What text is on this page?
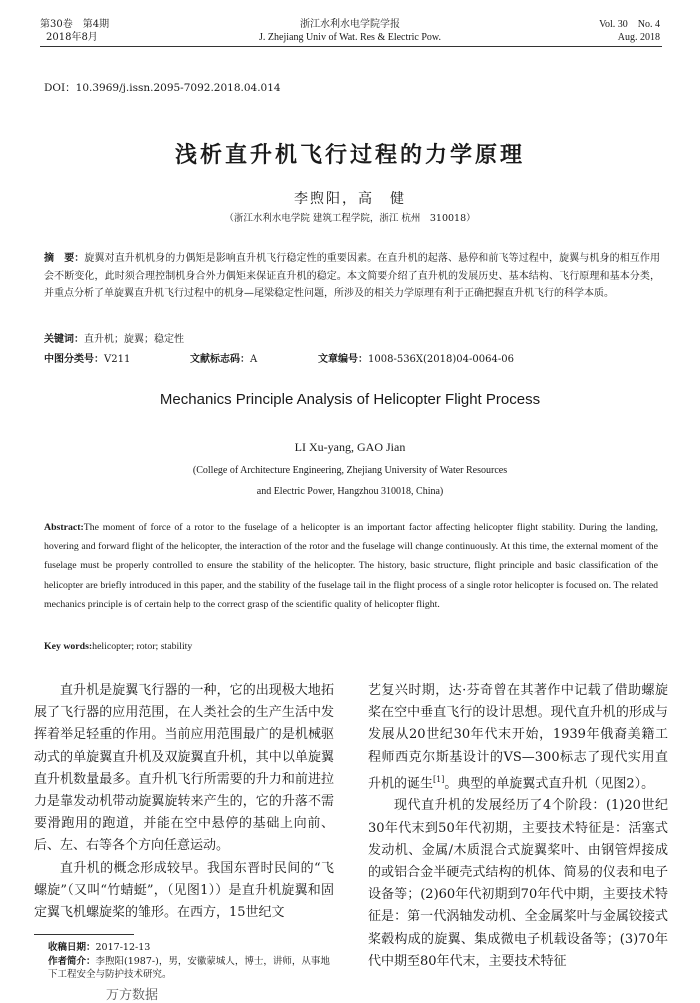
第30卷　第4期
2018年8月
浙江水利水电学院学报
J. Zhejiang Univ of Wat. Res & Electric Pow.
Vol. 30　No. 4
Aug. 2018
DOI：10.3969/j.issn.2095-7092.2018.04.014
浅析直升机飞行过程的力学原理
李煦阳，高　健
（浙江水利水电学院 建筑工程学院，浙江 杭州　310018）
摘　要：旋翼对直升机机身的力偶矩是影响直升机飞行稳定性的重要因素。在直升机的起落、悬停和前飞等过程中，旋翼与机身的相互作用会不断变化，此时须合理控制机身合外力偶矩来保证直升机的稳定。本文简要介绍了直升机的发展历史、基本结构、飞行原理和基本分类，并重点分析了单旋翼直升机飞行过程中的机身—尾梁稳定性问题，所涉及的相关力学原理有利于正确把握直升机飞行的科学本质。
关键词：直升机；旋翼；稳定性
中图分类号：V211	文献标志码：A	文章编号：1008-536X(2018)04-0064-06
Mechanics Principle Analysis of Helicopter Flight Process
LI Xu-yang, GAO Jian
(College of Architecture Engineering, Zhejiang University of Water Resources
and Electric Power, Hangzhou 310018, China)
Abstract:The moment of force of a rotor to the fuselage of a helicopter is an important factor affecting helicopter flight stability. During the landing, hovering and forward flight of the helicopter, the interaction of the rotor and the fuselage will change continuously. At this time, the external moment of the fuselage must be properly controlled to ensure the stability of the helicopter. The history, basic structure, flight principle and basic classification of the helicopter are briefly introduced in this paper, and the stability of the fuselage tail in the flight process of a single rotor helicopter is focused on. The related mechanics principle is of certain help to the correct grasp of the scientific quality of helicopter flight.
Key words:helicopter; rotor; stability

直升机是旋翼飞行器的一种，它的出现极大地拓展了飞行器的应用范围，在人类社会的生产生活中发挥着举足轻重的作用。当前应用范围最广的是机械驱动式的单旋翼直升机及双旋翼直升机，其中以单旋翼直升机数量最多。直升机飞行所需要的升力和前进拉力是靠发动机带动旋翼旋转来产生的，它的升落不需要滑跑用的跑道，并能在空中悬停的基础上向前、后、左、右等各个方向任意运动。

直升机的概念形成较早。我国东晋时民间的“飞螺旋”（又叫“竹蜻蜓”，（见图1））是直升机旋翼和固定翼飞机螺旋桨的雏形。在西方，15世纪文

艺复兴时期，达·芬奇曾在其著作中记载了借助螺旋桨在空中垂直飞行的设计思想。现代直升机的形成与发展从20世纪30年代末开始，1939年俄裔美籍工程师西克尔斯基设计的VS—300标志了现代实用直升机的诞生[1]。典型的单旋翼式直升机（见图2）。

现代直升机的发展经历了4个阶段：(1)20世纪30年代末到50年代初期，主要技术特征是：活塞式发动机、金属/木质混合式旋翼桨叶、由钢管焊接成的或铝合金半硬壳式结构的机体、简易的仪表和电子设备等；(2)60年代初期到70年代中期，主要技术特征是：第一代涡轴发动机、全金属桨叶与金属铰接式桨毂构成的旋翼、集成微电子机载设备等；(3)70年代中期至80年代末，主要技术特征

收稿日期：2017-12-13
作者简介：李煦阳(1987-)，男，安徽蒙城人，博士，讲师，从事地下工程安全与防护技术研究。
万方数据
